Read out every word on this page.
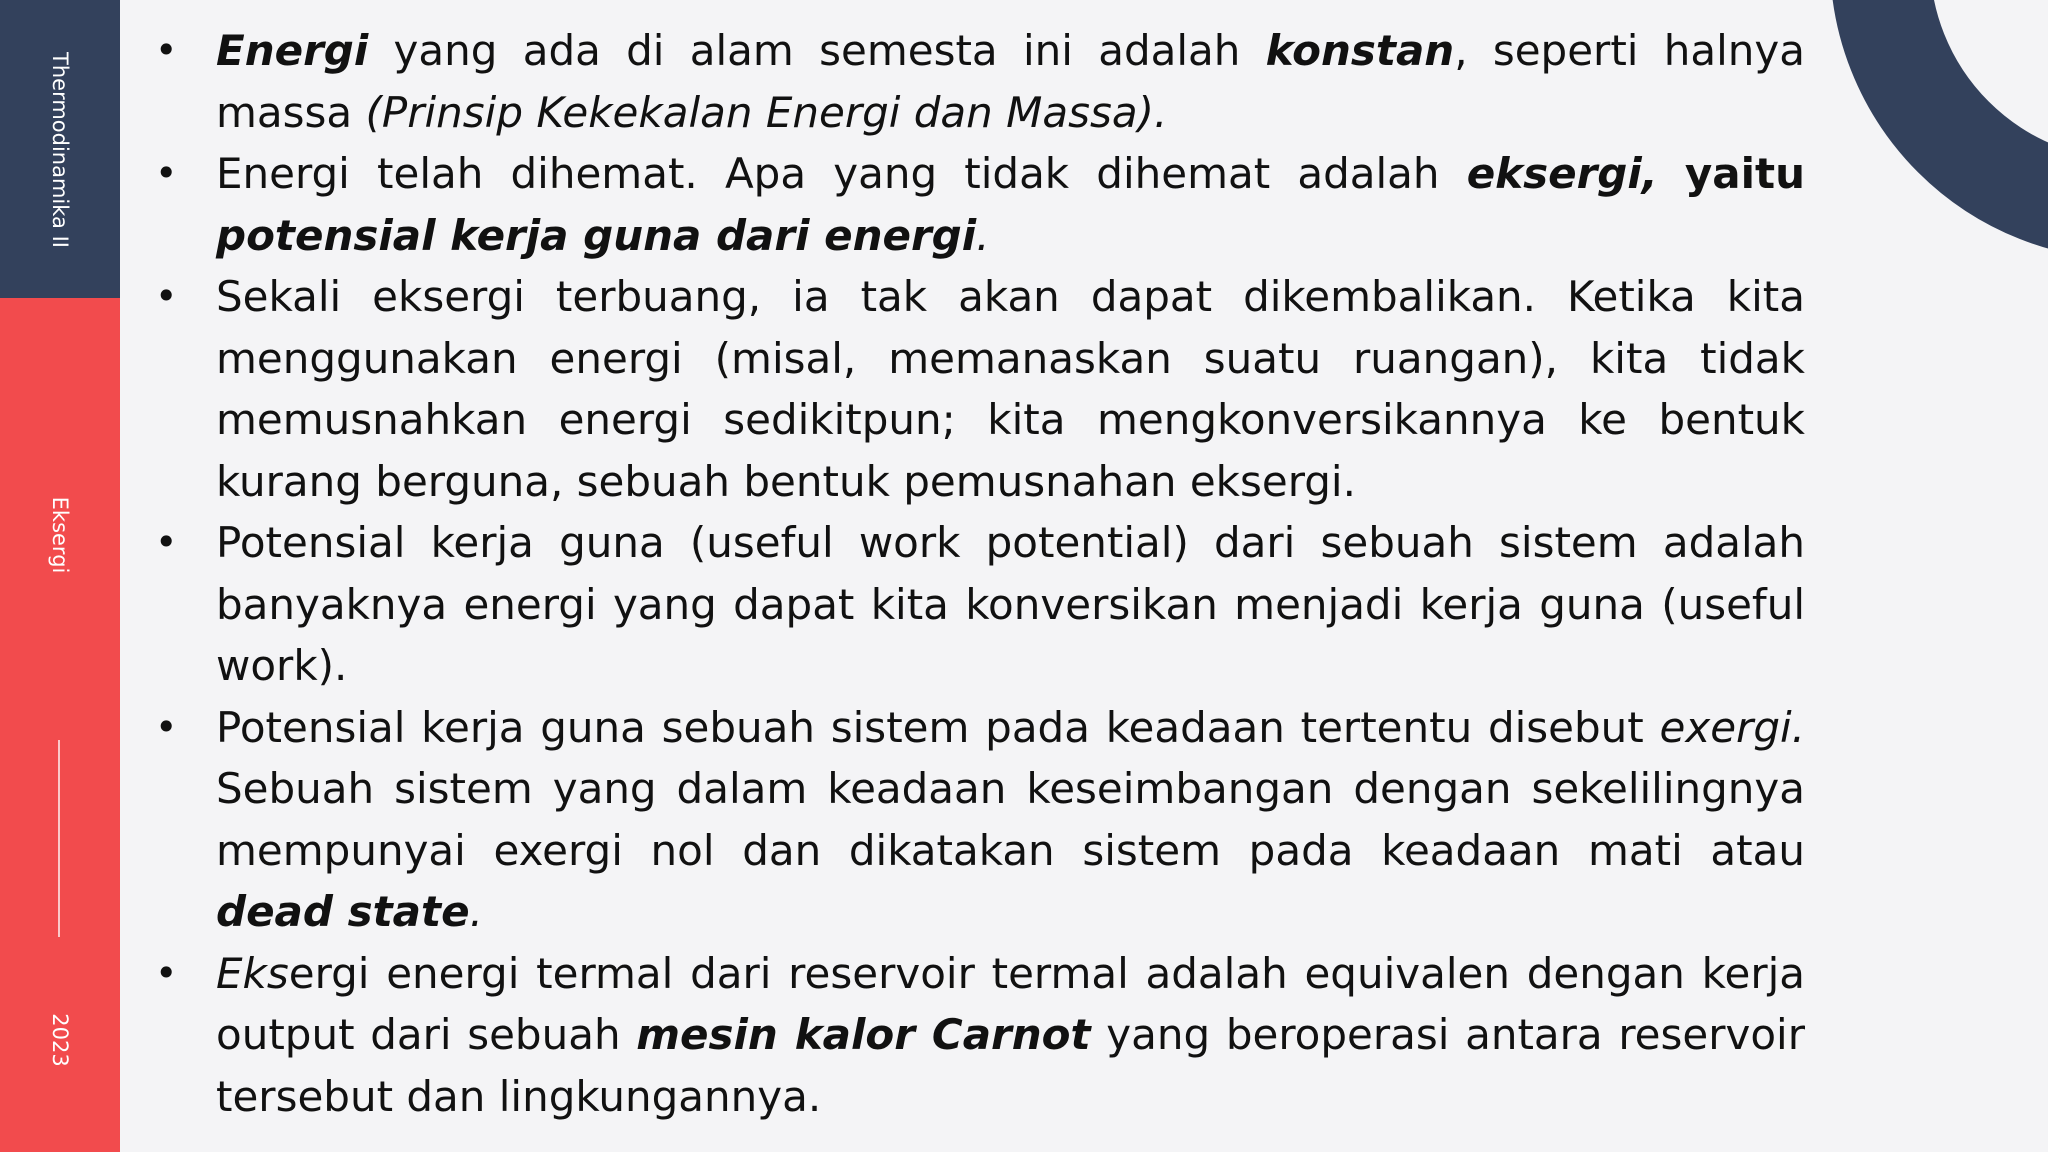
Thermodinamika II
Eksergi
2023
• Energi yang ada di alam semesta ini adalah konstan, seperti halnya massa (Prinsip Kekekalan Energi dan Massa).
• Energi telah dihemat. Apa yang tidak dihemat adalah eksergi, yaitu potensial kerja guna dari energi.
• Sekali eksergi terbuang, ia tak akan dapat dikembalikan. Ketika kita menggunakan energi (misal, memanaskan suatu ruangan), kita tidak memusnahkan energi sedikitpun; kita mengkonversikannya ke bentuk kurang berguna, sebuah bentuk pemusnahan eksergi.
• Potensial kerja guna (useful work potential) dari sebuah sistem adalah banyaknya energi yang dapat kita konversikan menjadi kerja guna (useful work).
• Potensial kerja guna sebuah sistem pada keadaan tertentu disebut exergi. Sebuah sistem yang dalam keadaan keseimbangan dengan sekelilingnya mempunyai exergi nol dan dikatakan sistem pada keadaan mati atau dead state.
• Eksergi energi termal dari reservoir termal adalah equivalen dengan kerja output dari sebuah mesin kalor Carnot yang beroperasi antara reservoir tersebut dan lingkungannya.
